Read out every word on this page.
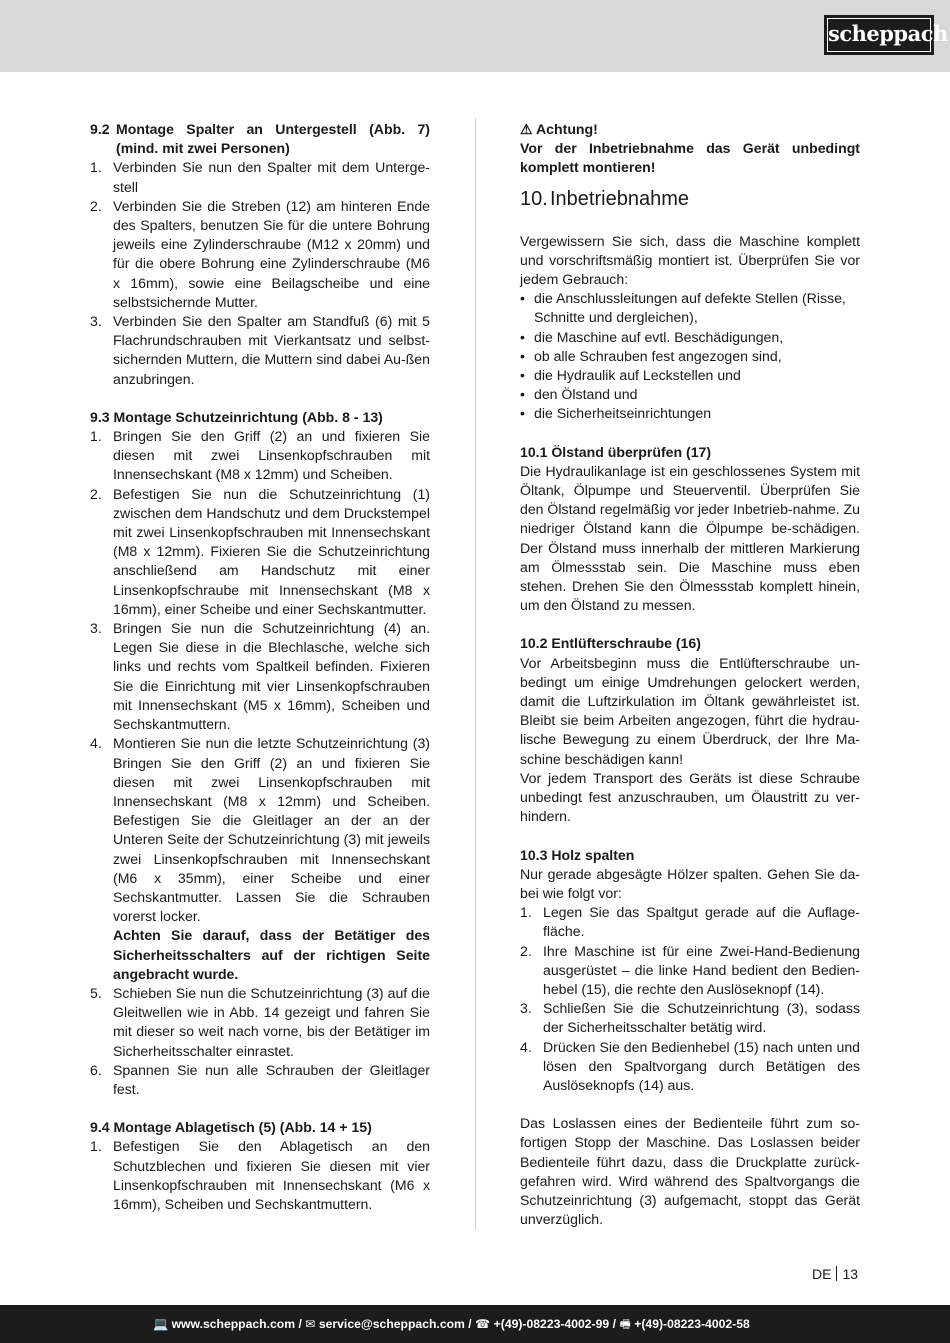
scheppach
9.2 Montage Spalter an Untergestell (Abb. 7) (mind. mit zwei Personen)
1. Verbinden Sie nun den Spalter mit dem Unterge-stell
2. Verbinden Sie die Streben (12) am hinteren Ende des Spalters, benutzen Sie für die untere Bohrung jeweils eine Zylinderschraube (M12 x 20mm) und für die obere Bohrung eine Zylinderschraube (M6 x 16mm), sowie eine Beilagscheibe und eine selbstsichernde Mutter.
3. Verbinden Sie den Spalter am Standfuß (6) mit 5 Flachrundschrauben mit Vierkantsatz und selbst-sichernden Muttern, die Muttern sind dabei Au-ßen anzubringen.

9.3 Montage Schutzeinrichtung (Abb. 8 - 13)

1. Bringen Sie den Griff (2) an und fixieren Sie diesen mit zwei Linsenkopfschrauben mit Innensechskant (M8 x 12mm) und Scheiben.
2. Befestigen Sie nun die Schutzeinrichtung (1) zwischen dem Handschutz und dem Druckstempel mit zwei Linsenkopfschrauben mit Innensechskant (M8 x 12mm). Fixieren Sie die Schutzeinrichtung anschließend am Handschutz mit einer Linsenkopfschraube mit Innensechskant (M8 x 16mm), einer Scheibe und einer Sechskantmutter.
3. Bringen Sie nun die Schutzeinrichtung (4) an. Legen Sie diese in die Blechlasche, welche sich links und rechts vom Spaltkeil befinden. Fixieren Sie die Einrichtung mit vier Linsenkopfschrauben mit Innensechskant (M5 x 16mm), Scheiben und Sechskantmuttern.
4. Montieren Sie nun die letzte Schutzeinrichtung (3) Bringen Sie den Griff (2) an und fixieren Sie diesen mit zwei Linsenkopfschrauben mit Innensechskant (M8 x 12mm) und Scheiben. Befestigen Sie die Gleitlager an der an der Unteren Seite der Schutzeinrichtung (3) mit jeweils zwei Linsenkopfschrauben mit Innensechskant (M6 x 35mm), einer Scheibe und einer Sechskantmutter. Lassen Sie die Schrauben vorerst locker.
Achten Sie darauf, dass der Betätiger des Sicherheitsschalters auf der richtigen Seite angebracht wurde.
5. Schieben Sie nun die Schutzeinrichtung (3) auf die Gleitwellen wie in Abb. 14 gezeigt und fahren Sie mit dieser so weit nach vorne, bis der Betätiger im Sicherheitsschalter einrastet.
6. Spannen Sie nun alle Schrauben der Gleitlager fest.

9.4 Montage Ablagetisch (5) (Abb. 14 + 15)

1. Befestigen Sie den Ablagetisch an den Schutzblechen und fixieren Sie diesen mit vier Linsenkopfschrauben mit Innensechskant (M6 x 16mm), Scheiben und Sechskantmuttern.
⚠ Achtung!

Vor der Inbetriebnahme das Gerät unbedingt komplett montieren!

10. Inbetriebnahme

Vergewissern Sie sich, dass die Maschine komplett und vorschriftsmäßig montiert ist. Überprüfen Sie vor jedem Gebrauch:

• die Anschlussleitungen auf defekte Stellen (Risse, Schnitte und dergleichen),
• die Maschine auf evtl. Beschädigungen,
• ob alle Schrauben fest angezogen sind,
• die Hydraulik auf Leckstellen und
• den Ölstand und
• die Sicherheitseinrichtungen

10.1 Ölstand überprüfen (17)

Die Hydraulikanlage ist ein geschlossenes System mit Öltank, Ölpumpe und Steuerventil. Überprüfen Sie den Ölstand regelmäßig vor jeder Inbetrieb-nahme. Zu niedriger Ölstand kann die Ölpumpe be-schädigen. Der Ölstand muss innerhalb der mittleren Markierung am Ölmessstab sein. Die Maschine muss eben stehen. Drehen Sie den Ölmessstab komplett hinein, um den Ölstand zu messen.

10.2 Entlüfterschraube (16)

Vor Arbeitsbeginn muss die Entlüfterschraube un-bedingt um einige Umdrehungen gelockert werden, damit die Luftzirkulation im Öltank gewährleistet ist. Bleibt sie beim Arbeiten angezogen, führt die hydrau-lische Bewegung zu einem Überdruck, der Ihre Ma-schine beschädigen kann!

Vor jedem Transport des Geräts ist diese Schraube unbedingt fest anzuschrauben, um Ölaustritt zu ver-hindern.

10.3 Holz spalten

Nur gerade abgesägte Hölzer spalten. Gehen Sie da-bei wie folgt vor:

1. Legen Sie das Spaltgut gerade auf die Auflage-fläche.
2. Ihre Maschine ist für eine Zwei-Hand-Bedienung ausgerüstet – die linke Hand bedient den Bedien-hebel (15), die rechte den Auslöseknopf (14).
3. Schließen Sie die Schutzeinrichtung (3), sodass der Sicherheitsschalter betätig wird.
4. Drücken Sie den Bedienhebel (15) nach unten und lösen den Spaltvorgang durch Betätigen des Auslöseknopfs (14) aus.

Das Loslassen eines der Bedienteile führt zum so-fortigen Stopp der Maschine. Das Loslassen beider Bedienteile führt dazu, dass die Druckplatte zurück-gefahren wird. Wird während des Spaltvorgangs die Schutzeinrichtung (3) aufgemacht, stoppt das Gerät unverzüglich.

DE 13
💻 www.scheppach.com / ✉ service@scheppach.com / ☎ +(49)-08223-4002-99 / 🖷 +(49)-08223-4002-58
